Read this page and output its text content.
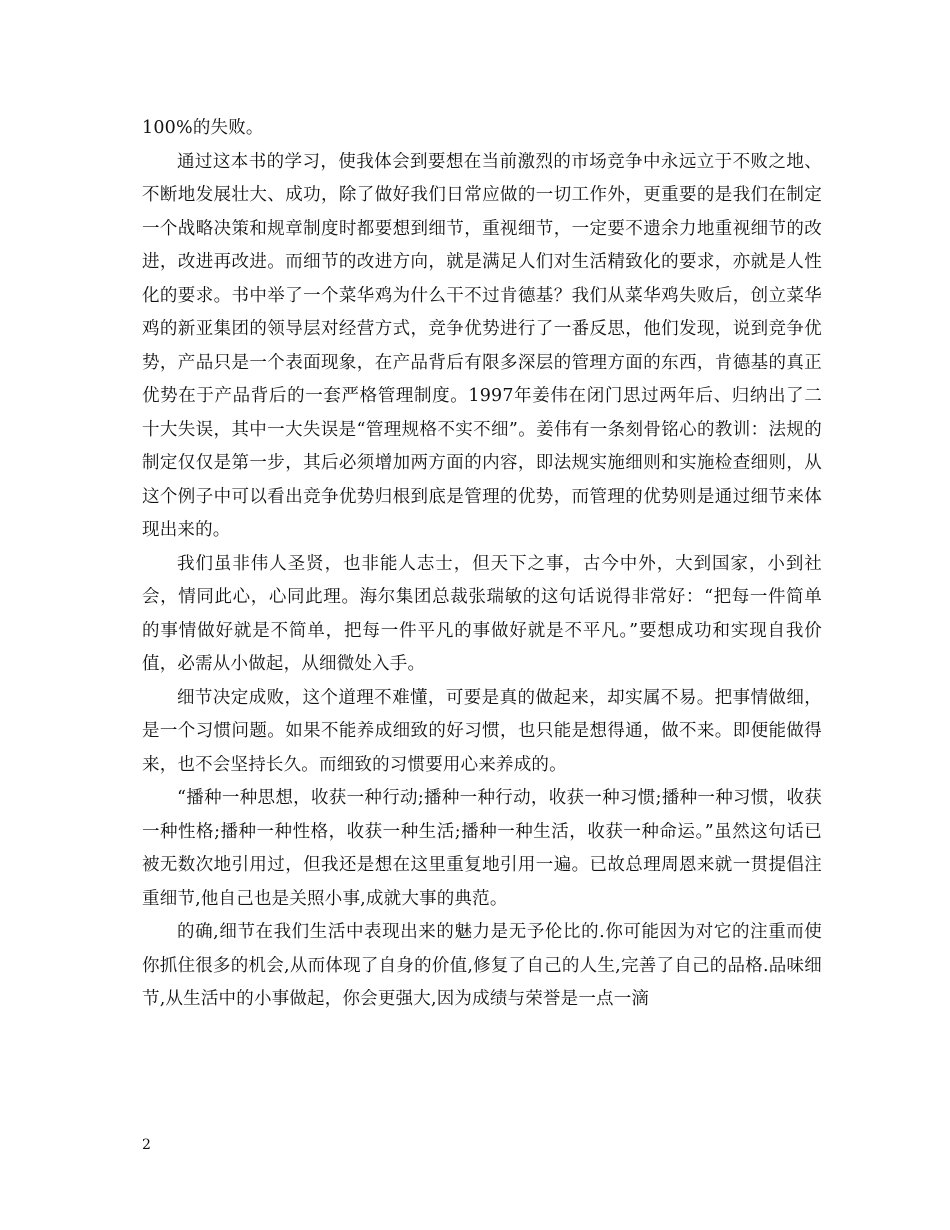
100%的失败。

通过这本书的学习，使我体会到要想在当前激烈的市场竞争中永远立于不败之地、不断地发展壮大、成功，除了做好我们日常应做的一切工作外，更重要的是我们在制定一个战略决策和规章制度时都要想到细节，重视细节，一定要不遗余力地重视细节的改进，改进再改进。而细节的改进方向，就是满足人们对生活精致化的要求，亦就是人性化的要求。书中举了一个菜华鸡为什么干不过肯德基？我们从菜华鸡失败后，创立菜华鸡的新亚集团的领导层对经营方式，竞争优势进行了一番反思，他们发现，说到竞争优势，产品只是一个表面现象，在产品背后有限多深层的管理方面的东西，肯德基的真正优势在于产品背后的一套严格管理制度。1997年姜伟在闭门思过两年后、归纳出了二十大失误，其中一大失误是“管理规格不实不细”。姜伟有一条刻骨铭心的教训：法规的制定仅仅是第一步，其后必须增加两方面的内容，即法规实施细则和实施检查细则，从这个例子中可以看出竞争优势归根到底是管理的优势，而管理的优势则是通过细节来体现出来的。

我们虽非伟人圣贤，也非能人志士，但天下之事，古今中外，大到国家，小到社会，情同此心，心同此理。海尔集团总裁张瑞敏的这句话说得非常好：“把每一件简单的事情做好就是不简单，把每一件平凡的事做好就是不平凡。”要想成功和实现自我价值，必需从小做起，从细微处入手。

细节决定成败，这个道理不难懂，可要是真的做起来，却实属不易。把事情做细，是一个习惯问题。如果不能养成细致的好习惯，也只能是想得通，做不来。即便能做得来，也不会坚持长久。而细致的习惯要用心来养成的。

“播种一种思想，收获一种行动;播种一种行动，收获一种习惯;播种一种习惯，收获一种性格;播种一种性格，收获一种生活;播种一种生活，收获一种命运。”虽然这句话已被无数次地引用过，但我还是想在这里重复地引用一遍。已故总理周恩来就一贯提倡注重细节,他自己也是关照小事,成就大事的典范。

的确,细节在我们生活中表现出来的魅力是无予伦比的.你可能因为对它的注重而使你抓住很多的机会,从而体现了自身的价值,修复了自己的人生,完善了自己的品格.品味细节,从生活中的小事做起，你会更强大,因为成绩与荣誉是一点一滴

2
